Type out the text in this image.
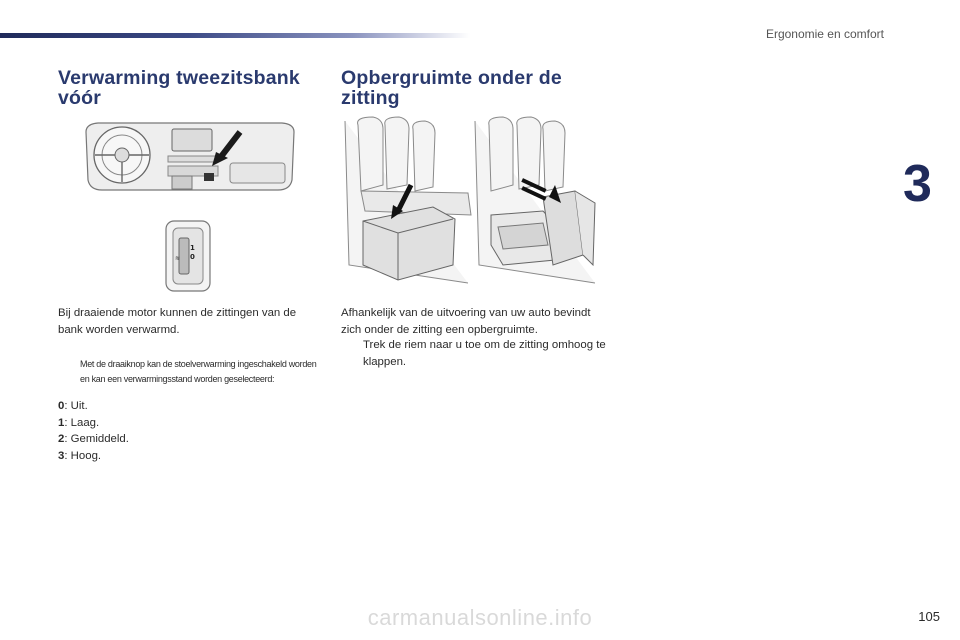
Ergonomie en comfort
3
Verwarming tweezitsbank vóór
≋
1
0

Bij draaiende motor kunnen de zittingen van de bank worden verwarmd.

Met de draaiknop kan de stoelverwarming ingeschakeld worden en kan een verwarmingsstand worden geselecteerd:
0: Uit.
1: Laag.
2: Gemiddeld.
3: Hoog.
Opbergruimte onder de zitting

Afhankelijk van de uitvoering van uw auto bevindt zich onder de zitting een opbergruimte.

Trek de riem naar u toe om de zitting omhoog te klappen.
carmanualsonline.info	105
